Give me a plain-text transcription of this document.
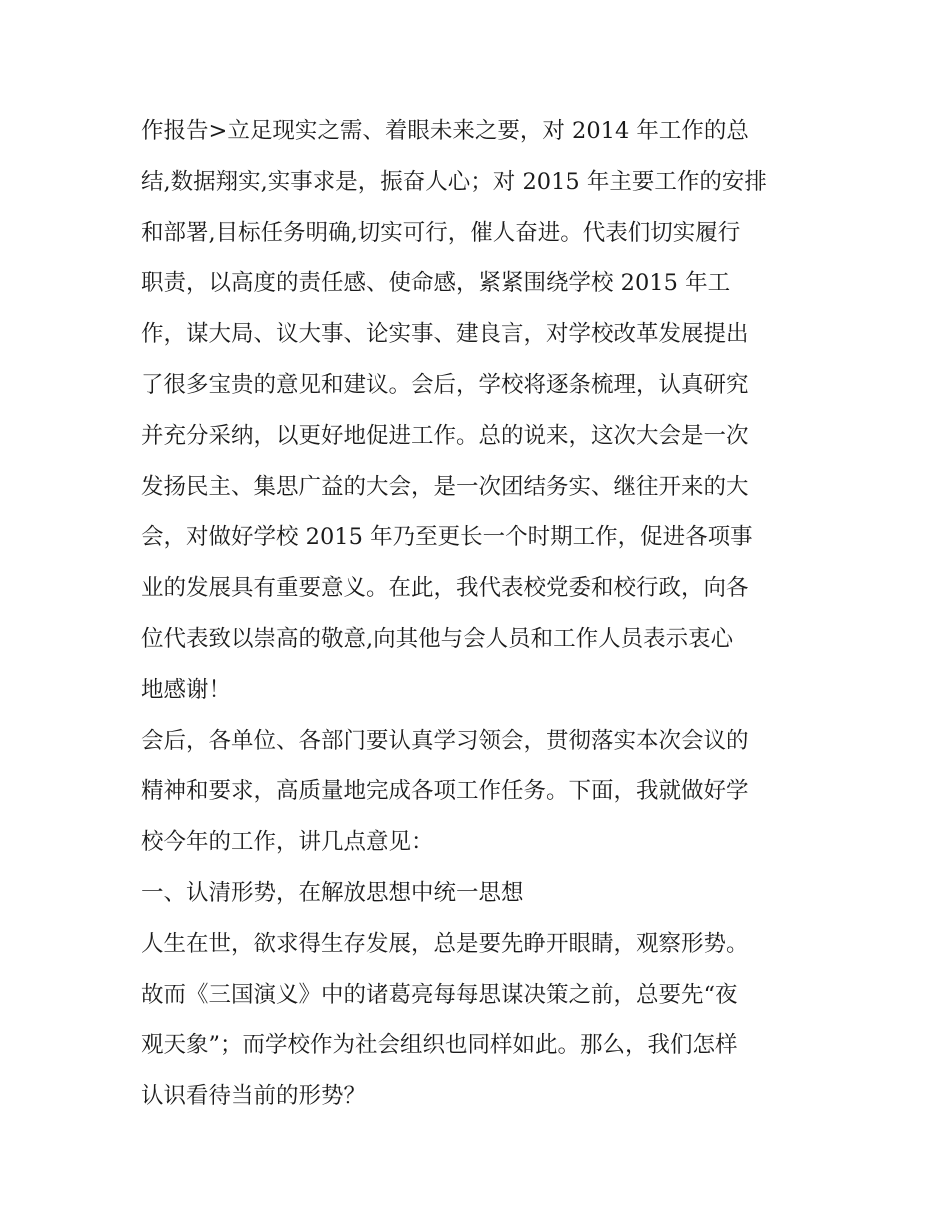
作报告>立足现实之需、着眼未来之要，对 2014 年工作的总
结,数据翔实,实事求是，振奋人心；对 2015 年主要工作的安排
和部署,目标任务明确,切实可行，催人奋进。代表们切实履行
职责，以高度的责任感、使命感，紧紧围绕学校 2015 年工
作，谋大局、议大事、论实事、建良言，对学校改革发展提出
了很多宝贵的意见和建议。会后，学校将逐条梳理，认真研究
并充分采纳，以更好地促进工作。总的说来，这次大会是一次
发扬民主、集思广益的大会，是一次团结务实、继往开来的大
会，对做好学校 2015 年乃至更长一个时期工作，促进各项事
业的发展具有重要意义。在此，我代表校党委和校行政，向各
位代表致以崇高的敬意,向其他与会人员和工作人员表示衷心
地感谢！
会后，各单位、各部门要认真学习领会，贯彻落实本次会议的
精神和要求，高质量地完成各项工作任务。下面，我就做好学
校今年的工作，讲几点意见：
一、认清形势，在解放思想中统一思想
人生在世，欲求得生存发展，总是要先睁开眼睛，观察形势。
故而《三国演义》中的诸葛亮每每思谋决策之前，总要先“夜
观天象”；而学校作为社会组织也同样如此。那么，我们怎样
认识看待当前的形势？
